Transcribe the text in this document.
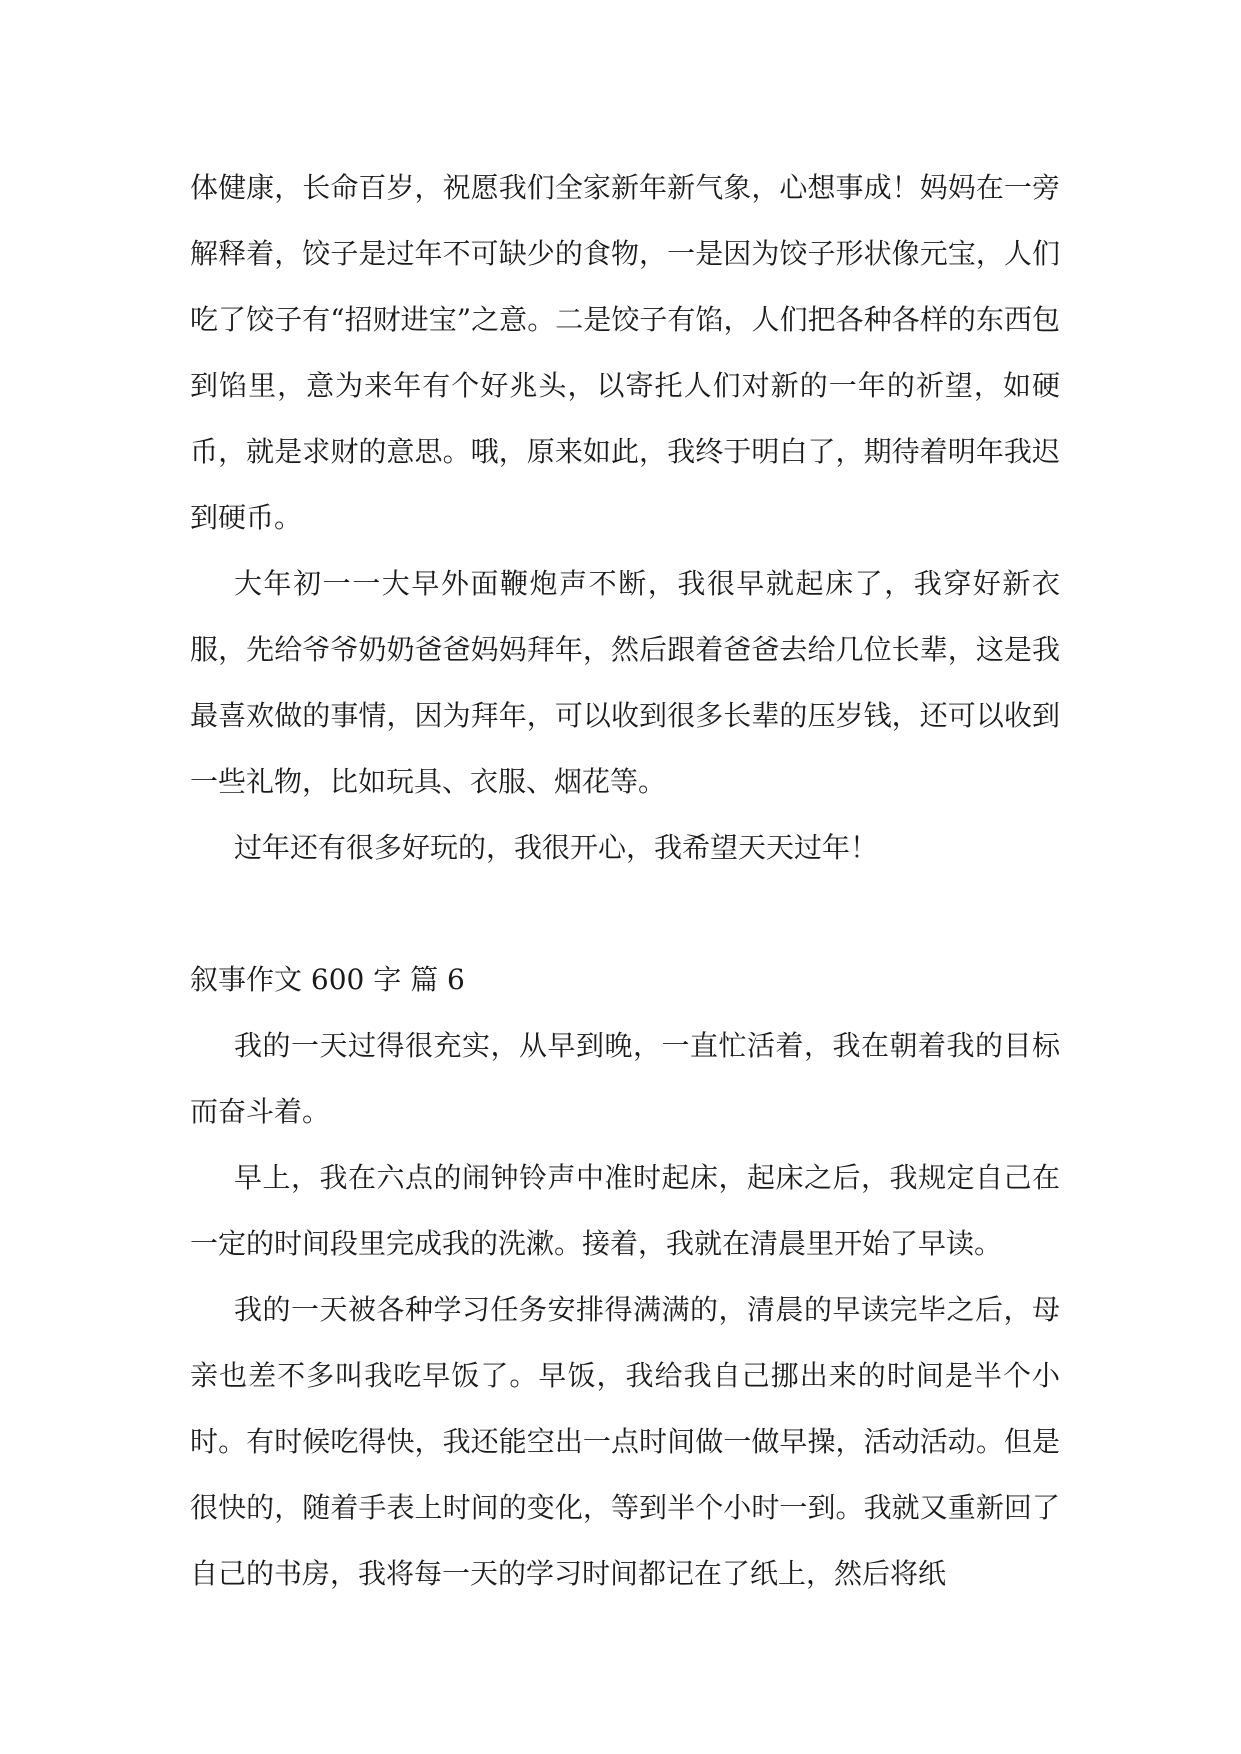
体健康，长命百岁，祝愿我们全家新年新气象，心想事成！妈妈在一旁解释着，饺子是过年不可缺少的食物，一是因为饺子形状像元宝，人们吃了饺子有“招财进宝”之意。二是饺子有馅，人们把各种各样的东西包到馅里，意为来年有个好兆头，以寄托人们对新的一年的祈望，如硬币，就是求财的意思。哦，原来如此，我终于明白了，期待着明年我迟到硬币。

大年初一一大早外面鞭炮声不断，我很早就起床了，我穿好新衣服，先给爷爷奶奶爸爸妈妈拜年，然后跟着爸爸去给几位长辈，这是我最喜欢做的事情，因为拜年，可以收到很多长辈的压岁钱，还可以收到一些礼物，比如玩具、衣服、烟花等。

过年还有很多好玩的，我很开心，我希望天天过年！

叙事作文 600 字 篇 6

我的一天过得很充实，从早到晚，一直忙活着，我在朝着我的目标而奋斗着。

早上，我在六点的闹钟铃声中准时起床，起床之后，我规定自己在一定的时间段里完成我的洗漱。接着，我就在清晨里开始了早读。

我的一天被各种学习任务安排得满满的，清晨的早读完毕之后，母亲也差不多叫我吃早饭了。早饭，我给我自己挪出来的时间是半个小时。有时候吃得快，我还能空出一点时间做一做早操，活动活动。但是很快的，随着手表上时间的变化，等到半个小时一到。我就又重新回了自己的书房，我将每一天的学习时间都记在了纸上，然后将纸
